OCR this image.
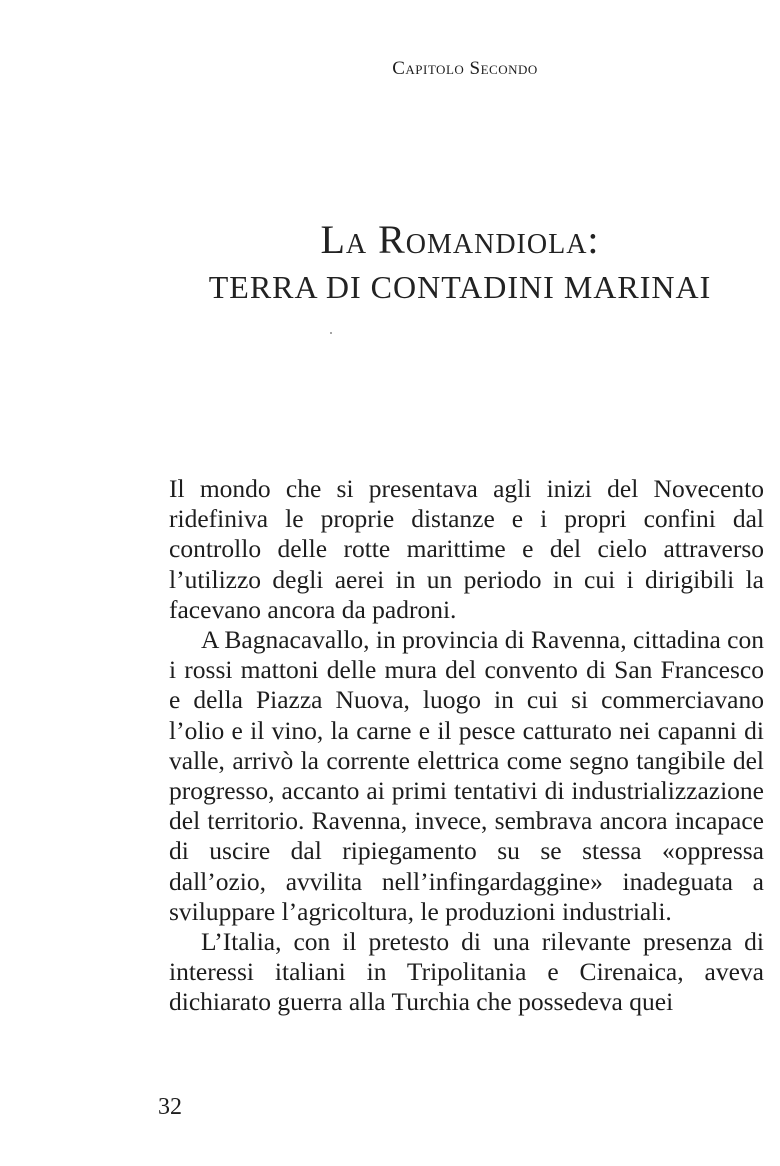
Capitolo Secondo
La Romandiola:
TERRA DI CONTADINI MARINAI

Il mondo che si presentava agli inizi del Novecento ridefiniva le proprie distanze e i propri confini dal controllo delle rotte marittime e del cielo attraverso l’utilizzo degli aerei in un periodo in cui i dirigibili la facevano ancora da padroni.

A Bagnacavallo, in provincia di Ravenna, cittadina con i rossi mattoni delle mura del convento di San Francesco e della Piazza Nuova, luogo in cui si commerciavano l’olio e il vino, la carne e il pesce catturato nei capanni di valle, arrivò la corrente elettrica come segno tangibile del progresso, accanto ai primi tentativi di industrializzazione del territorio. Ravenna, invece, sembrava ancora incapace di uscire dal ripiegamento su se stessa «oppressa dall’ozio, avvilita nell’infingardaggine» inadeguata a sviluppare l’agricoltura, le produzioni industriali.

L’Italia, con il pretesto di una rilevante presenza di interessi italiani in Tripolitania e Cirenaica, aveva dichiarato guerra alla Turchia che possedeva quei

32
